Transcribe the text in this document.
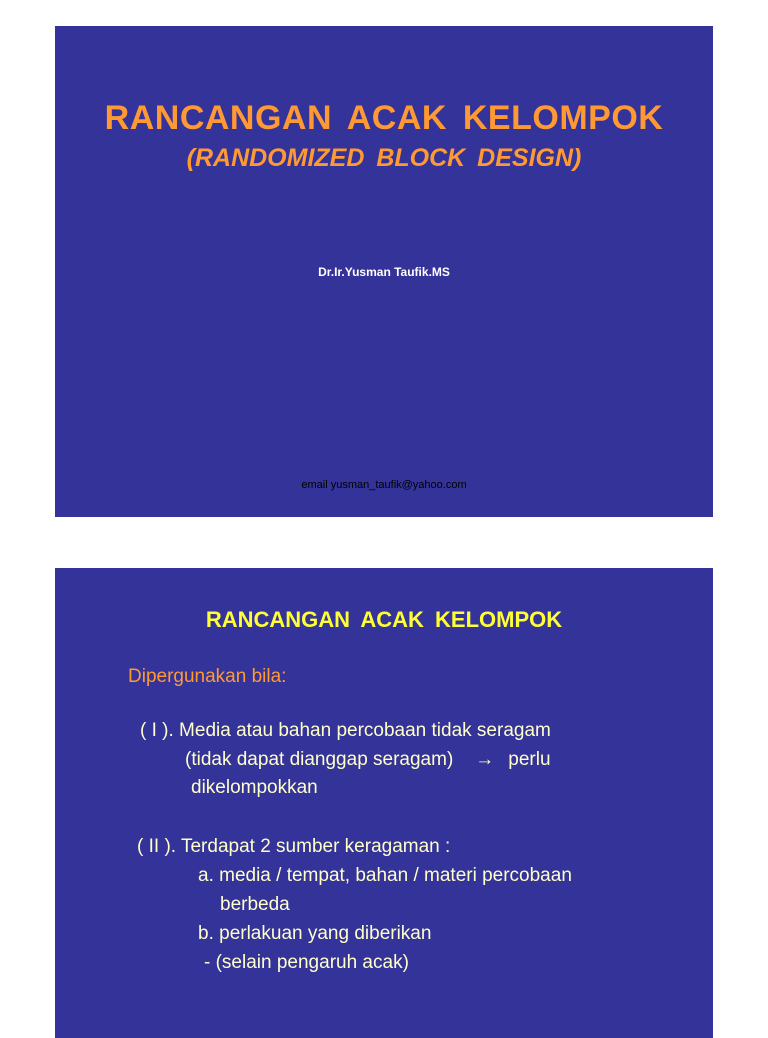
RANCANGAN ACAK KELOMPOK
(RANDOMIZED BLOCK DESIGN)
Dr.Ir.Yusman Taufik.MS
email yusman_taufik@yahoo.com
RANCANGAN ACAK KELOMPOK
Dipergunakan bila:
( I ). Media atau bahan percobaan tidak seragam
(tidak dapat dianggap seragam) → perlu
dikelompokkan
( II ). Terdapat 2 sumber keragaman :
a. media / tempat, bahan / materi percobaan
berbeda
b. perlakuan yang diberikan
- (selain pengaruh acak)
